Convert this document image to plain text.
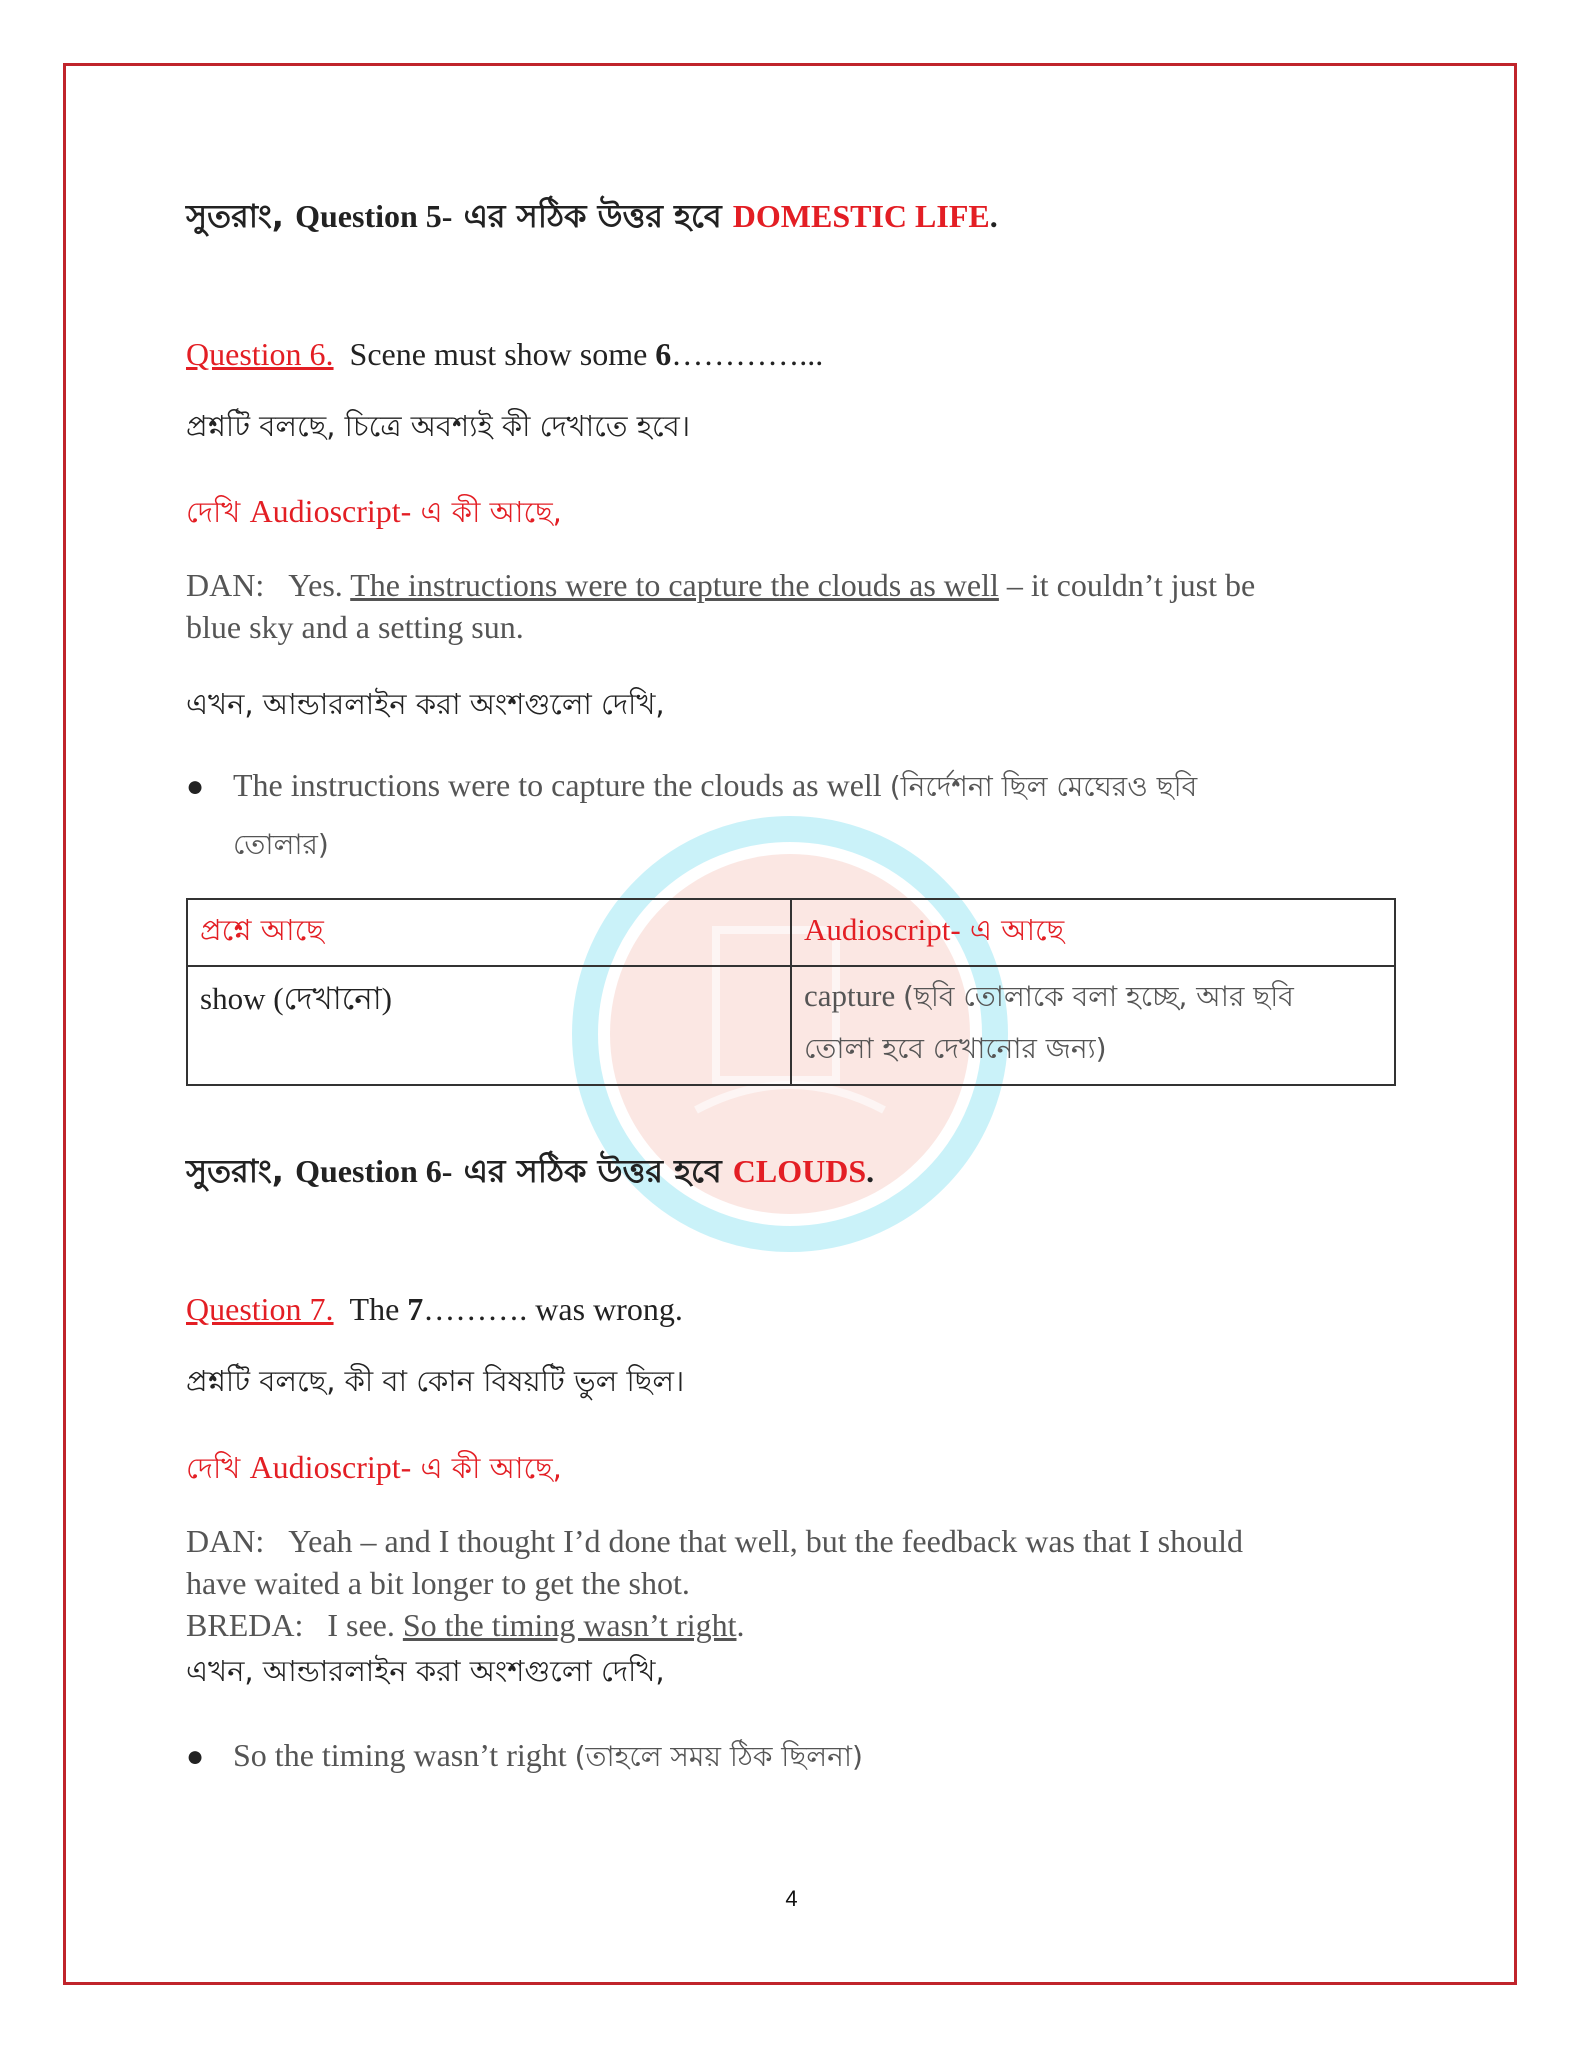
সুতরাং, Question 5- এর সঠিক উত্তর হবে DOMESTIC LIFE.
Question 6. Scene must show some 6…………...
প্রশ্নটি বলছে, চিত্রে অবশ্যই কী দেখাতে হবে।
দেখি Audioscript- এ কী আছে,
DAN: Yes. The instructions were to capture the clouds as well – it couldn’t just be
blue sky and a setting sun.
এখন, আন্ডারলাইন করা অংশগুলো দেখি,
● The instructions were to capture the clouds as well (নির্দেশনা ছিল মেঘেরও ছবি
তোলার)
প্রশ্নে আছে	Audioscript- এ আছে
show (দেখানো)	capture (ছবি তোলাকে বলা হচ্ছে, আর ছবি
তোলা হবে দেখানোর জন্য)
সুতরাং, Question 6- এর সঠিক উত্তর হবে CLOUDS.
Question 7. The 7………. was wrong.
প্রশ্নটি বলছে, কী বা কোন বিষয়টি ভুল ছিল।
দেখি Audioscript- এ কী আছে,
DAN: Yeah – and I thought I’d done that well, but the feedback was that I should
have waited a bit longer to get the shot.
BREDA: I see. So the timing wasn’t right.
এখন, আন্ডারলাইন করা অংশগুলো দেখি,
● So the timing wasn’t right (তাহলে সময় ঠিক ছিলনা)
4
